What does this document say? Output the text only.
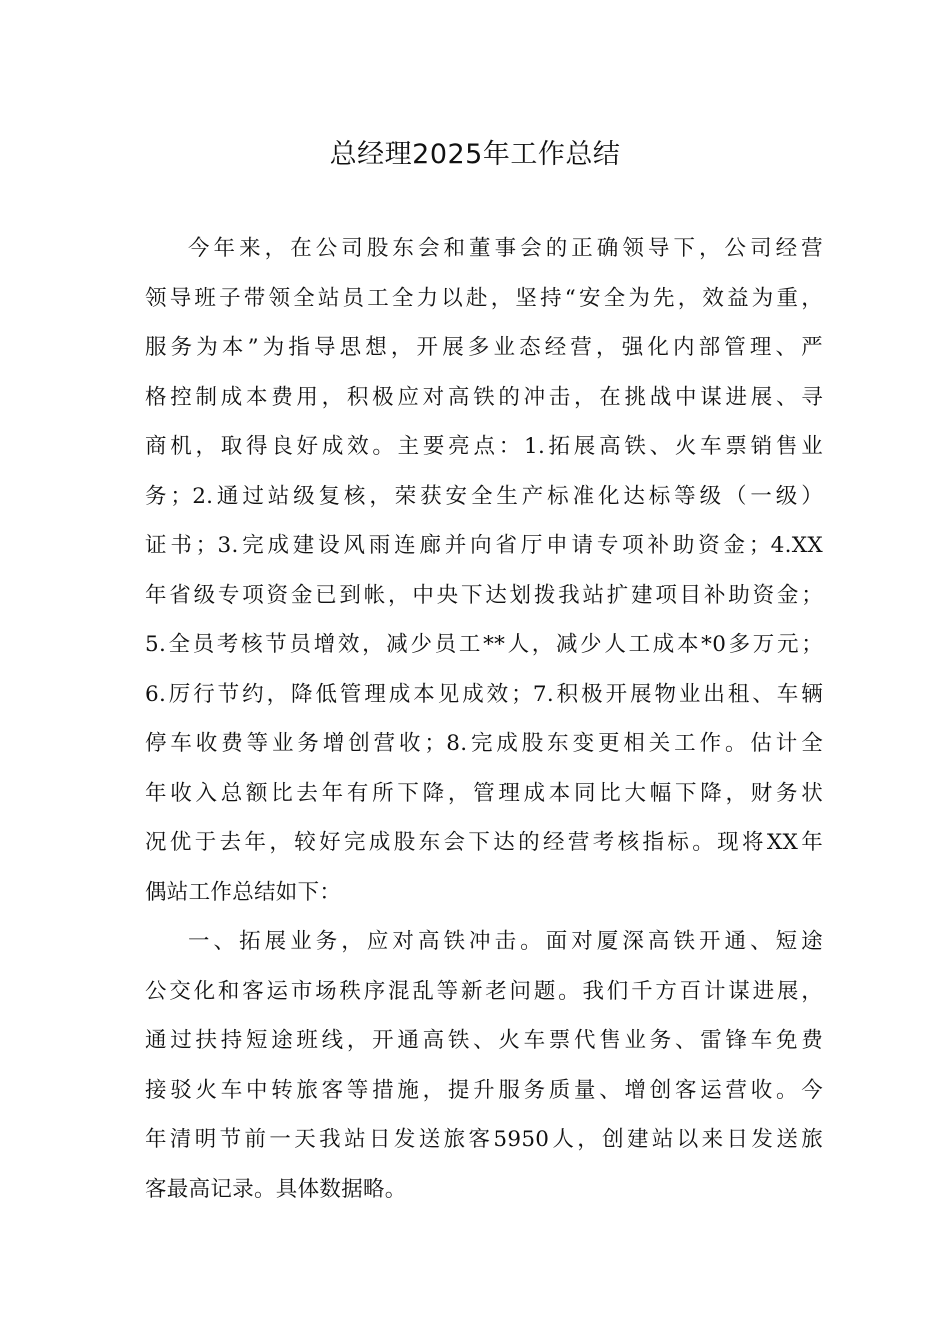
总经理2025年工作总结
今年来，在公司股东会和董事会的正确领导下，公司经营
领导班子带领全站员工全力以赴，坚持“安全为先，效益为重，
服务为本”为指导思想，开展多业态经营，强化内部管理、严
格控制成本费用，积极应对高铁的冲击，在挑战中谋进展、寻
商机，取得良好成效。主要亮点：1.拓展高铁、火车票销售业
务；2.通过站级复核，荣获安全生产标准化达标等级（一级）
证书；3.完成建设风雨连廊并向省厅申请专项补助资金；4.XX
年省级专项资金已到帐，中央下达划拨我站扩建项目补助资金；
5.全员考核节员增效，减少员工**人，减少人工成本*0多万元；
6.厉行节约，降低管理成本见成效；7.积极开展物业出租、车辆
停车收费等业务增创营收；8.完成股东变更相关工作。估计全
年收入总额比去年有所下降，管理成本同比大幅下降，财务状
况优于去年，较好完成股东会下达的经营考核指标。现将XX年
偶站工作总结如下：
一、拓展业务，应对高铁冲击。面对厦深高铁开通、短途
公交化和客运市场秩序混乱等新老问题。我们千方百计谋进展，
通过扶持短途班线，开通高铁、火车票代售业务、雷锋车免费
接驳火车中转旅客等措施，提升服务质量、增创客运营收。今
年清明节前一天我站日发送旅客5950人，创建站以来日发送旅
客最高记录。具体数据略。
